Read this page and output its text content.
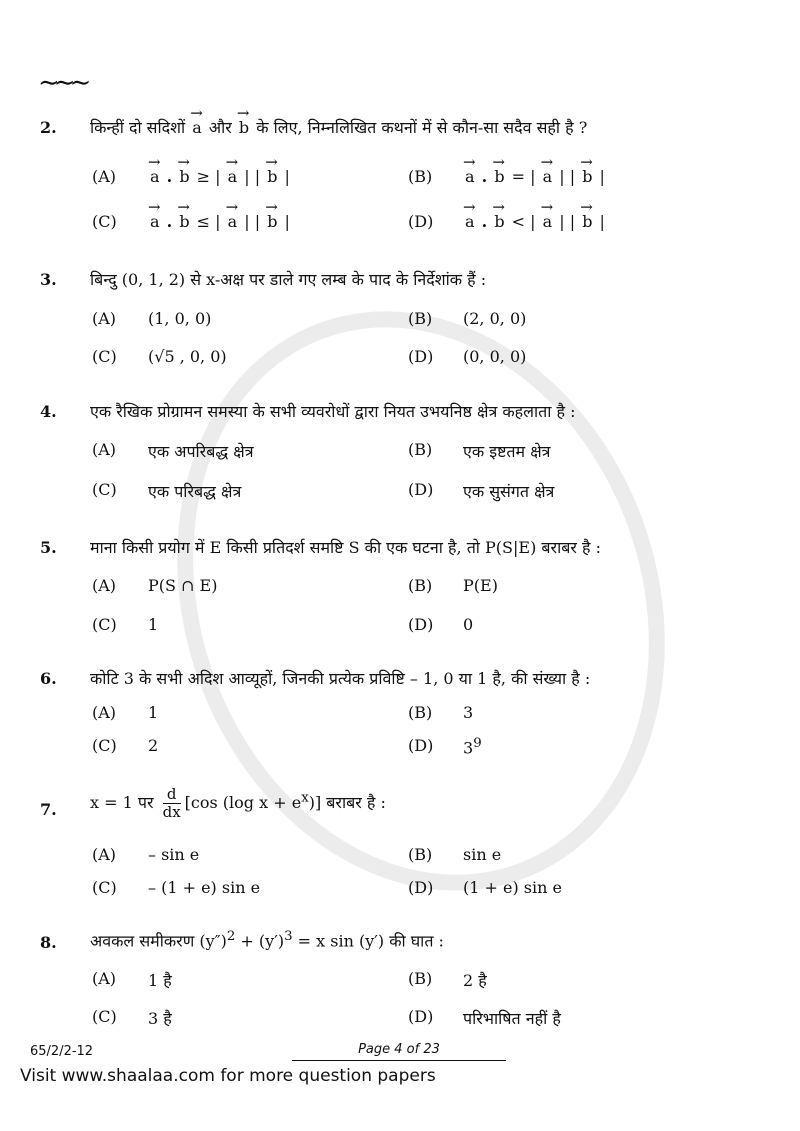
∼∼∼
2. किन्हीं दो सदिशों → a और → b के लिए, निम्नलिखित कथनों में से कौन-सा सदैव सही है ?
(A) → a . → b ≥ | → a | | → b |	(B) → a . → b = | → a | | → b |
(C) → a . → b ≤ | → a | | → b |	(D) → a . → b < | → a | | → b |
3. बिन्दु (0, 1, 2) से x-अक्ष पर डाले गए लम्ब के पाद के निर्देशांक हैं :
(A) (1, 0, 0)	(B) (2, 0, 0)
(C) (√5 , 0, 0)	(D) (0, 0, 0)
4. एक रैखिक प्रोग्रामन समस्या के सभी व्यवरोधों द्वारा नियत उभयनिष्ठ क्षेत्र कहलाता है :
(A) एक अपरिबद्ध क्षेत्र	(B) एक इष्टतम क्षेत्र
(C) एक परिबद्ध क्षेत्र	(D) एक सुसंगत क्षेत्र
5. माना किसी प्रयोग में E किसी प्रतिदर्श समष्टि S की एक घटना है, तो P(S|E) बराबर है :
(A) P(S ∩ E)	(B) P(E)
(C) 1	(D) 0
6. कोटि 3 के सभी अदिश आव्यूहों, जिनकी प्रत्येक प्रविष्टि – 1, 0 या 1 है, की संख्या है :
(A) 1	(B) 3
(C) 2	(D) $3^9$
7.
(A) – sin e	(B) sin e
(C) – (1 + e) sin e	(D) (1 + e) sin e
8.
(A) 1 है	(B) 2 है
(C) 3 है	(D) परिभाषित नहीं है
x = 1 पर $\frac{d}{dx} [\cos$ (log $x + e^x$)] बराबर है :
अवकल समीकरण $(y'')^2 + (y')^3 = x$ sin (y′) की घात :
65/2/2-12	Page 4 of 23
Visit www.shaalaa.com for more question papers
